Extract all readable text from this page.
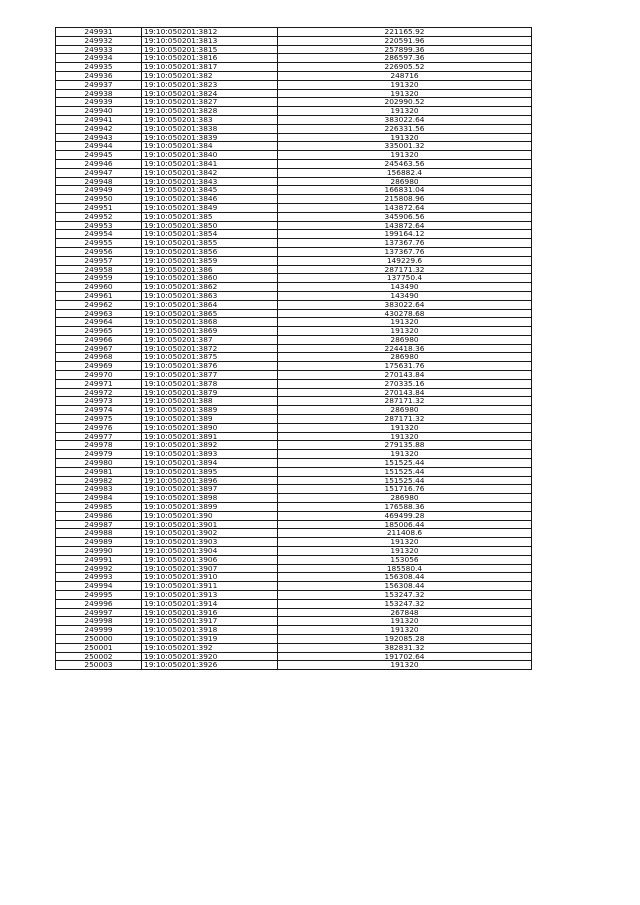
249931	19:10:050201:3812	221165.92
249932	19:10:050201:3813	220591.96
249933	19:10:050201:3815	257899.36
249934	19:10:050201:3816	286597.36
249935	19:10:050201:3817	226905.52
249936	19:10:050201:382	248716
249937	19:10:050201:3823	191320
249938	19:10:050201:3824	191320
249939	19:10:050201:3827	202990.52
249940	19:10:050201:3828	191320
249941	19:10:050201:383	383022.64
249942	19:10:050201:3838	226331.56
249943	19:10:050201:3839	191320
249944	19:10:050201:384	335001.32
249945	19:10:050201:3840	191320
249946	19:10:050201:3841	245463.56
249947	19:10:050201:3842	156882.4
249948	19:10:050201:3843	286980
249949	19:10:050201:3845	166831.04
249950	19:10:050201:3846	215808.96
249951	19:10:050201:3849	143872.64
249952	19:10:050201:385	345906.56
249953	19:10:050201:3850	143872.64
249954	19:10:050201:3854	199164.12
249955	19:10:050201:3855	137367.76
249956	19:10:050201:3856	137367.76
249957	19:10:050201:3859	149229.6
249958	19:10:050201:386	287171.32
249959	19:10:050201:3860	137750.4
249960	19:10:050201:3862	143490
249961	19:10:050201:3863	143490
249962	19:10:050201:3864	383022.64
249963	19:10:050201:3865	430278.68
249964	19:10:050201:3868	191320
249965	19:10:050201:3869	191320
249966	19:10:050201:387	286980
249967	19:10:050201:3872	224418.36
249968	19:10:050201:3875	286980
249969	19:10:050201:3876	175631.76
249970	19:10:050201:3877	270143.84
249971	19:10:050201:3878	270335.16
249972	19:10:050201:3879	270143.84
249973	19:10:050201:388	287171.32
249974	19:10:050201:3889	286980
249975	19:10:050201:389	287171.32
249976	19:10:050201:3890	191320
249977	19:10:050201:3891	191320
249978	19:10:050201:3892	279135.88
249979	19:10:050201:3893	191320
249980	19:10:050201:3894	151525.44
249981	19:10:050201:3895	151525.44
249982	19:10:050201:3896	151525.44
249983	19:10:050201:3897	151716.76
249984	19:10:050201:3898	286980
249985	19:10:050201:3899	176588.36
249986	19:10:050201:390	469499.28
249987	19:10:050201:3901	185006.44
249988	19:10:050201:3902	211408.6
249989	19:10:050201:3903	191320
249990	19:10:050201:3904	191320
249991	19:10:050201:3906	153056
249992	19:10:050201:3907	185580.4
249993	19:10:050201:3910	156308.44
249994	19:10:050201:3911	156308.44
249995	19:10:050201:3913	153247.32
249996	19:10:050201:3914	153247.32
249997	19:10:050201:3916	267848
249998	19:10:050201:3917	191320
249999	19:10:050201:3918	191320
250000	19:10:050201:3919	192085.28
250001	19:10:050201:392	382831.32
250002	19:10:050201:3920	191702.64
250003	19:10:050201:3926	191320
